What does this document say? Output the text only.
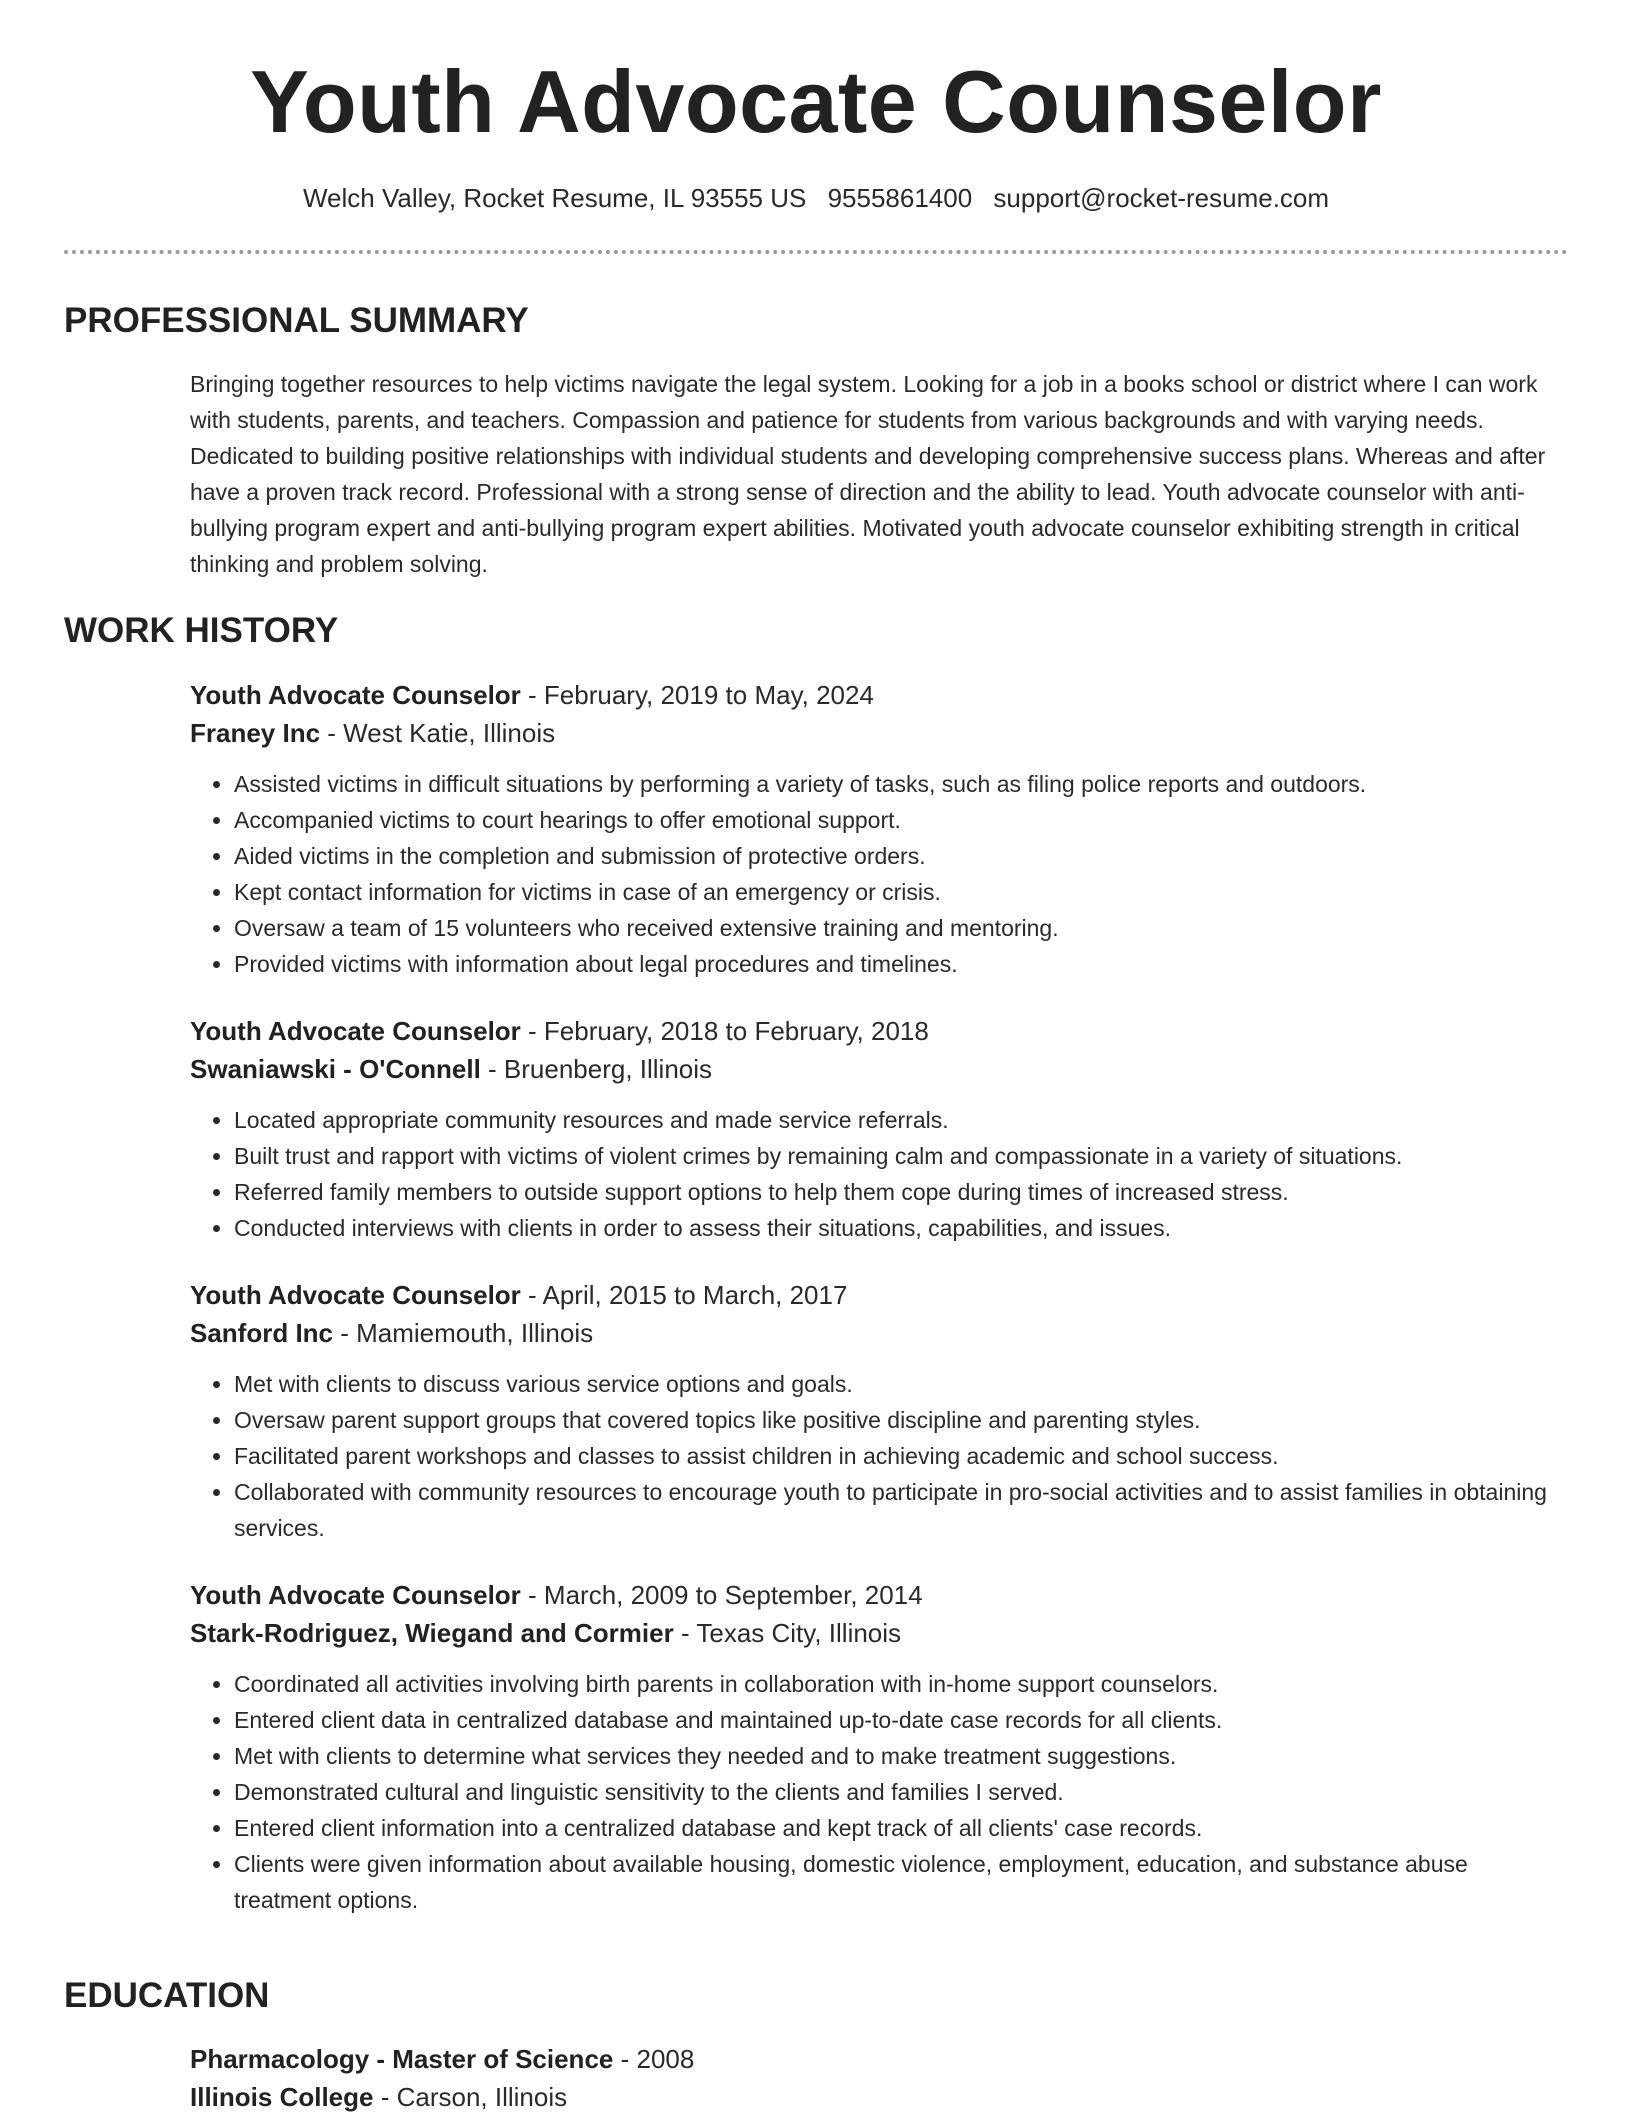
Youth Advocate Counselor
Welch Valley, Rocket Resume, IL 93555 US 9555861400 support@rocket-resume.com
PROFESSIONAL SUMMARY

Bringing together resources to help victims navigate the legal system. Looking for a job in a books school or district where I can work with students, parents, and teachers. Compassion and patience for students from various backgrounds and with varying needs. Dedicated to building positive relationships with individual students and developing comprehensive success plans. Whereas and after have a proven track record. Professional with a strong sense of direction and the ability to lead. Youth advocate counselor with anti-bullying program expert and anti-bullying program expert abilities. Motivated youth advocate counselor exhibiting strength in critical thinking and problem solving.

WORK HISTORY
Youth Advocate Counselor - February, 2019 to May, 2024
Franey Inc - West Katie, Illinois
• Assisted victims in difficult situations by performing a variety of tasks, such as filing police reports and outdoors.
• Accompanied victims to court hearings to offer emotional support.
• Aided victims in the completion and submission of protective orders.
• Kept contact information for victims in case of an emergency or crisis.
• Oversaw a team of 15 volunteers who received extensive training and mentoring.
• Provided victims with information about legal procedures and timelines.
Youth Advocate Counselor - February, 2018 to February, 2018
Swaniawski - O'Connell - Bruenberg, Illinois
• Located appropriate community resources and made service referrals.
• Built trust and rapport with victims of violent crimes by remaining calm and compassionate in a variety of situations.
• Referred family members to outside support options to help them cope during times of increased stress.
• Conducted interviews with clients in order to assess their situations, capabilities, and issues.
Youth Advocate Counselor - April, 2015 to March, 2017
Sanford Inc - Mamiemouth, Illinois
• Met with clients to discuss various service options and goals.
• Oversaw parent support groups that covered topics like positive discipline and parenting styles.
• Facilitated parent workshops and classes to assist children in achieving academic and school success.
• Collaborated with community resources to encourage youth to participate in pro-social activities and to assist families in obtaining services.
Youth Advocate Counselor - March, 2009 to September, 2014
Stark-Rodriguez, Wiegand and Cormier - Texas City, Illinois
• Coordinated all activities involving birth parents in collaboration with in-home support counselors.
• Entered client data in centralized database and maintained up-to-date case records for all clients.
• Met with clients to determine what services they needed and to make treatment suggestions.
• Demonstrated cultural and linguistic sensitivity to the clients and families I served.
• Entered client information into a centralized database and kept track of all clients' case records.
• Clients were given information about available housing, domestic violence, employment, education, and substance abuse treatment options.
EDUCATION
Pharmacology - Master of Science - 2008
Illinois College - Carson, Illinois
